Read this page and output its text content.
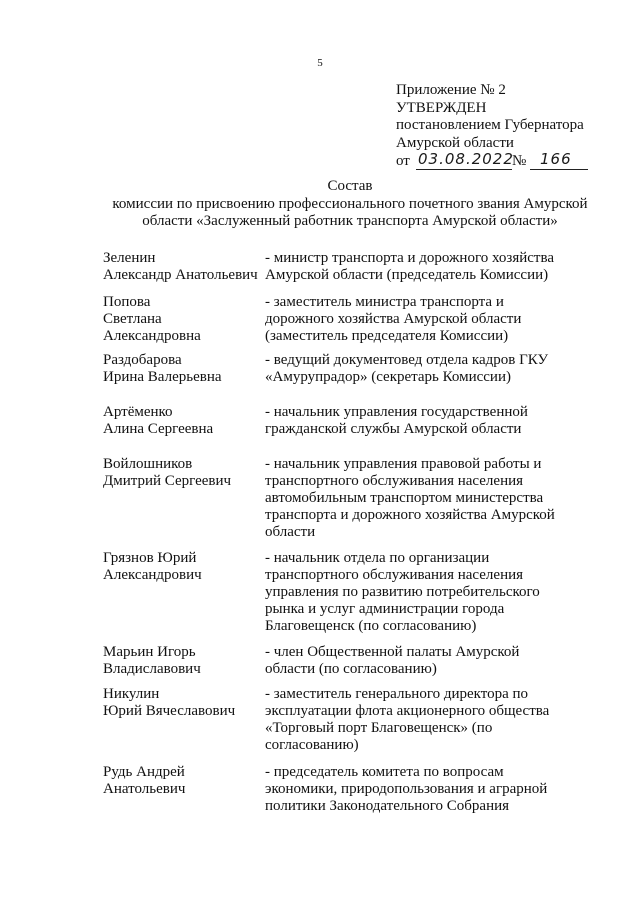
5
Приложение № 2
УТВЕРЖДЕН
постановлением Губернатора
Амурской области
от 03.08.2022
№ 166
Состав
комиссии по присвоению профессионального почетного звания Амурской
области «Заслуженный работник транспорта Амурской области»
Зеленин
Александр Анатольевич
- министр транспорта и дорожного хозяйства
Амурской области (председатель Комиссии)
Попова
Светлана Александровна
- заместитель министра транспорта и
дорожного хозяйства Амурской области
(заместитель председателя Комиссии)
Раздобарова
Ирина Валерьевна
- ведущий документовед отдела кадров ГКУ
«Амурупрадор» (секретарь Комиссии)
Артёменко
Алина Сергеевна
- начальник управления государственной
гражданской службы Амурской области
Войлошников
Дмитрий Сергеевич
- начальник управления правовой работы и
транспортного обслуживания населения
автомобильным транспортом министерства
транспорта и дорожного хозяйства Амурской
области
Грязнов Юрий
Александрович
- начальник отдела по организации
транспортного обслуживания населения
управления по развитию потребительского
рынка и услуг администрации города
Благовещенск (по согласованию)
Марьин Игорь
Владиславович
- член Общественной палаты Амурской
области (по согласованию)
Никулин
Юрий Вячеславович
- заместитель генерального директора по
эксплуатации флота акционерного общества
«Торговый порт Благовещенск» (по
согласованию)
Рудь Андрей
Анатольевич
- председатель комитета по вопросам
экономики, природопользования и аграрной
политики Законодательного Собрания
